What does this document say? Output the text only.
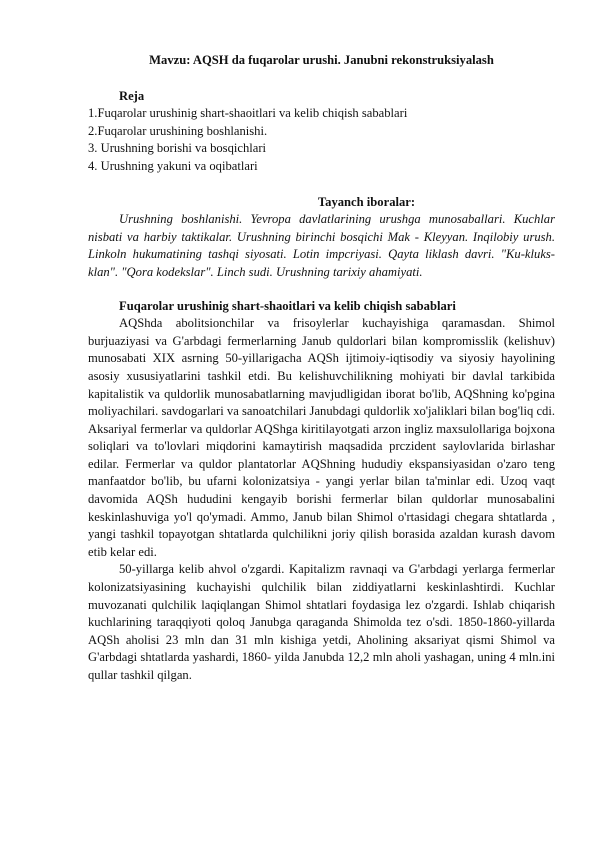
Mavzu: AQSH da fuqarolar urushi. Janubni rekonstruksiyalash
Reja
1.Fuqarolar urushinig shart-shaoitlari va kelib chiqish sabablari
2.Fuqarolar urushining boshlanishi.
3. Urushning borishi va bosqichlari
4. Urushning yakuni va oqibatlari
Tayanch iboralar:

Urushning boshlanishi. Yevropa davlatlarining urushga munosaballari. Kuchlar nisbati va harbiy taktikalar. Urushning birinchi bosqichi Mak - Kleyyan. Inqilobiy urush. Linkoln hukumatining tashqi siyosati. Lotin impcriyasi. Qayta liklash davri. "Ku-kluks-klan". "Qora kodekslar". Linch sudi. Urushning tarixiy ahamiyati.

Fuqarolar urushinig shart-shaoitlari va kelib chiqish sabablari

AQShda abolitsionchilar va frisoylerlar kuchayishiga qaramasdan. Shimol burjuaziyasi va G'arbdagi fermerlarning Janub quldorlari bilan kompromisslik (kelishuv) munosabati XIX asrning 50-yillarigacha AQSh ijtimoiy-iqtisodiy va siyosiy hayolining asosiy xususiyatlarini tashkil etdi. Bu kelishuvchilikning mohiyati bir davlal tarkibida kapitalistik va quldorlik munosabatlarning mavjudligidan iborat bo'lib, AQShning ko'pgina moliyachilari. savdogarlari va sanoatchilari Janubdagi quldorlik xo'jaliklari bilan bog'liq cdi. Aksariyal fermerlar va quldorlar AQShga kiritilayotgati arzon ingliz maxsulollariga bojxona soliqlari va to'lovlari miqdorini kamaytirish maqsadida prczident saylovlarida birlashar edilar. Fermerlar va quldor plantatorlar AQShning hududiy ekspansiyasidan o'zaro teng manfaatdor bo'lib, bu ufarni kolonizatsiya - yangi yerlar bilan ta'minlar edi. Uzoq vaqt davomida AQSh hududini kengayib borishi fermerlar bilan quldorlar munosabalini keskinlashuviga yo'l qo'ymadi. Ammo, Janub bilan Shimol o'rtasidagi chegara shtatlarda , yangi tashkil topayotgan shtatlarda qulchilikni joriy qilish borasida azaldan kurash davom etib kelar edi.

50-yillarga kelib ahvol o'zgardi. Kapitalizm ravnaqi va G'arbdagi yerlarga fermerlar kolonizatsiyasining kuchayishi qulchilik bilan ziddiyatlarni keskinlashtirdi. Kuchlar muvozanati qulchilik laqiqlangan Shimol shtatlari foydasiga lez o'zgardi. Ishlab chiqarish kuchlarining taraqqiyoti qoloq Janubga qaraganda Shimolda tez o'sdi. 1850-1860-yillarda AQSh aholisi 23 mln dan 31 mln kishiga yetdi, Aholining aksariyat qismi Shimol va G'arbdagi shtatlarda yashardi, 1860- yilda Janubda 12,2 mln aholi yashagan, uning 4 mln.ini qullar tashkil qilgan.
